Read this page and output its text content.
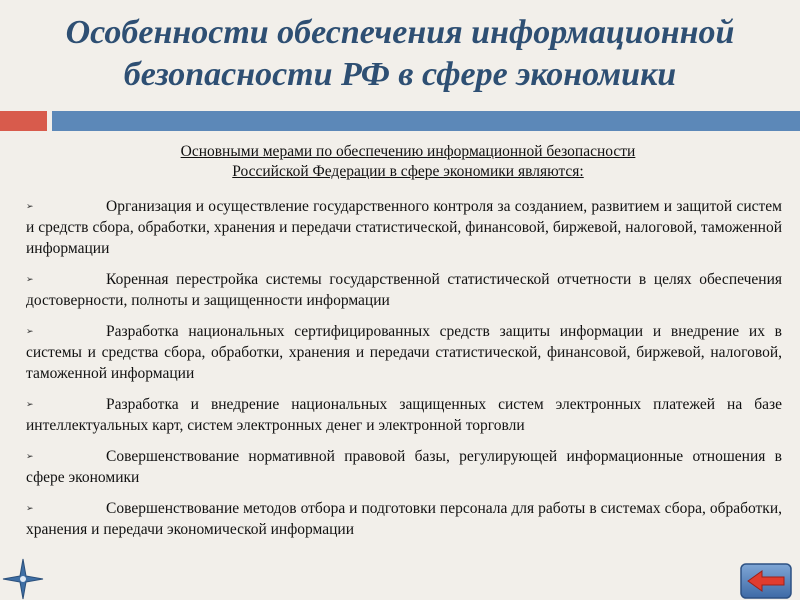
Особенности обеспечения информационной
безопасности РФ в сфере экономики
Основными мерами по обеспечению информационной безопасности
Российской Федерации в сфере экономики являются:
➢	Организация и осуществление государственного контроля за созданием, развитием и защитой систем и средств сбора, обработки, хранения и передачи статистической, финансовой, биржевой, налоговой, таможенной информации
➢	Коренная перестройка системы государственной статистической отчетности в целях обеспечения достоверности, полноты и защищенности информации
➢	Разработка национальных сертифицированных средств защиты информации и внедрение их в системы и средства сбора, обработки, хранения и передачи статистической, финансовой, биржевой, налоговой, таможенной информации
➢	Разработка и внедрение национальных защищенных систем электронных платежей на базе интеллектуальных карт, систем электронных денег и электронной торговли
➢	Совершенствование нормативной правовой базы, регулирующей информационные отношения в сфере экономики
➢	Совершенствование методов отбора и подготовки персонала для работы в системах сбора, обработки, хранения и передачи экономической информации
